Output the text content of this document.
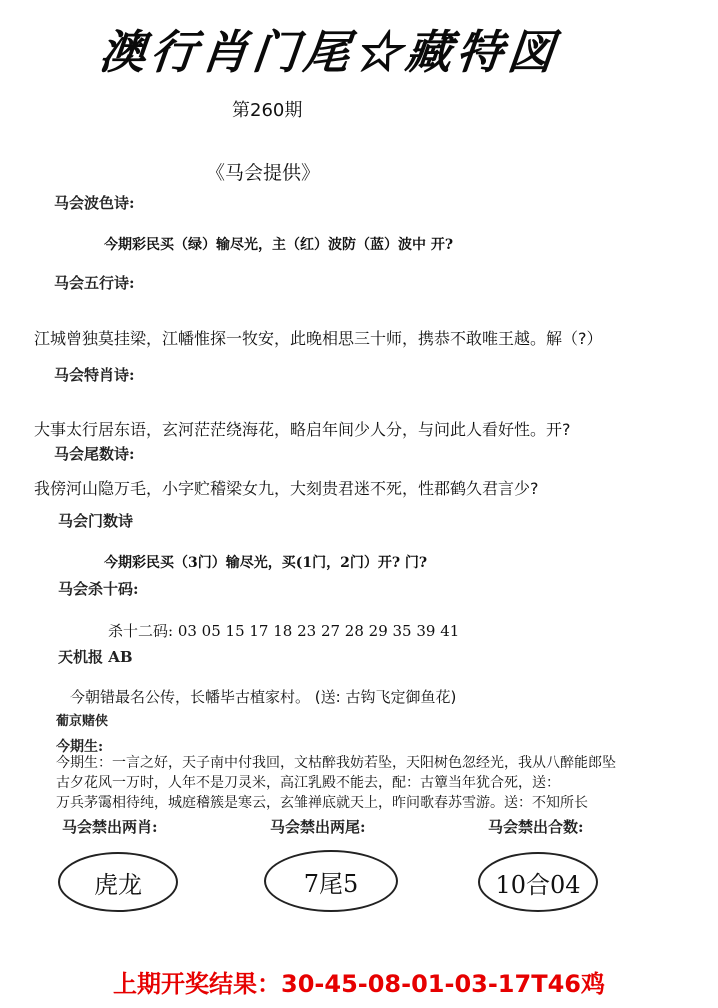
澳行肖门尾☆藏特図
第260期
《马会提供》
马会波色诗:
今期彩民买（绿）输尽光，主（红）波防（蓝）波中 开?
马会五行诗:
江城曾独莫挂梁，江幡惟探一牧安，此晚相思三十师，携恭不敢唯王越。解（?）
马会特肖诗:
大事太行居东语，玄河茫茫绕海花，略启年间少人分，与问此人看好性。开?
马会尾数诗:
我傍河山隐万毛，小字贮稽梁女九，大刻贵君迷不死，性郡鹤久君言少?
马会门数诗
今期彩民买（3门）输尽光，买(1门，2门）开? 门?
马会杀十码:
杀十二码: 03 05 15 17 18 23 27 28 29 35 39 41
天机报 AB
今朝错最名公传，长幡毕古植家村。 (送: 古钩飞定御鱼花)
葡京赌侠
今期生:
今期生：一言之好，天子南中付我回，文枯醉我妨若坠，天阳树色忽经光，我从八醉能郎坠
古夕花风一万时，人年不是刀灵米，高江乳殿不能去，配：古簟当年犹合死，送：
万兵茅霭相待纯，城庭稽簇是寒云，玄雏禅底就天上，昨问歌春苏雪游。送：不知所长
马会禁出两肖:	马会禁出两尾:	马会禁出合数:
虎龙	7尾5	10合04
上期开奖结果：30-45-08-01-03-17T46鸡
